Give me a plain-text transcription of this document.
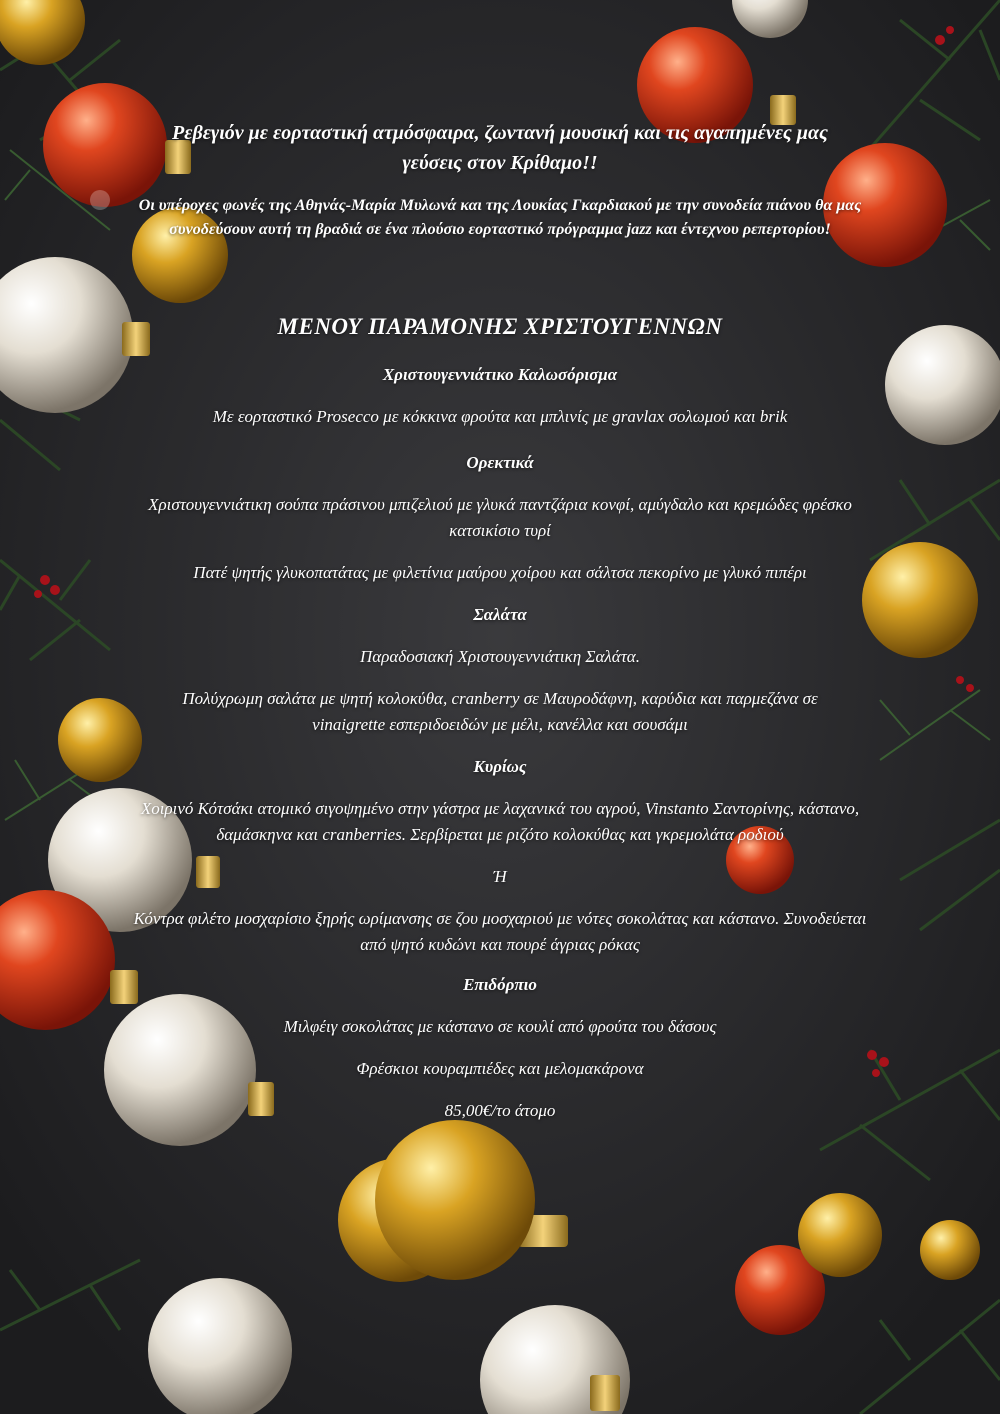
Ρεβεγιόν με εορταστική ατμόσφαιρα, ζωντανή μουσική και τις αγαπημένες μας γεύσεις στον Κρίθαμο!!

Οι υπέροχες φωνές της Αθηνάς-Μαρία Μυλωνά και της Λουκίας Γκαρδιακού με την συνοδεία πιάνου θα μας συνοδεύσουν αυτή τη βραδιά σε ένα πλούσιο εορταστικό πρόγραμμα jazz και έντεχνου ρεπερτορίου!

ΜΕΝΟΥ ΠΑΡΑΜΟΝΗΣ ΧΡΙΣΤΟΥΓΕΝΝΩΝ

Χριστουγεννιάτικο Καλωσόρισμα

Με εορταστικό Prosecco με κόκκινα φρούτα και μπλινίς με gravlax σολωμού και brik

Ορεκτικά

Χριστουγεννιάτικη σούπα πράσινου μπιζελιού με γλυκά παντζάρια κονφί, αμύγδαλο και κρεμώδες φρέσκο κατσικίσιο τυρί

Πατέ ψητής γλυκοπατάτας με φιλετίνια μαύρου χοίρου και σάλτσα πεκορίνο με γλυκό πιπέρι

Σαλάτα

Παραδοσιακή Χριστουγεννιάτικη Σαλάτα.

Πολύχρωμη σαλάτα με ψητή κολοκύθα, cranberry σε Μαυροδάφνη, καρύδια και παρμεζάνα σε vinaigrette εσπεριδοειδών με μέλι, κανέλλα και σουσάμι

Κυρίως

Χοιρινό Κότσάκι ατομικό σιγοψημένο στην γάστρα με λαχανικά του αγρού, Vinstanto Σαντορίνης, κάστανο, δαμάσκηνα και cranberries. Σερβίρεται με ριζότο κολοκύθας και γκρεμολάτα ροδιού

Ή

Κόντρα φιλέτο μοσχαρίσιο ξηρής ωρίμανσης σε ζου μοσχαριού με νότες σοκολάτας και κάστανο. Συνοδεύεται από ψητό κυδώνι και πουρέ άγριας ρόκας

Επιδόρπιο

Μιλφέιγ σοκολάτας με κάστανο σε κουλί από φρούτα του δάσους

Φρέσκιοι κουραμπιέδες και μελομακάρονα

85,00€/το άτομο
